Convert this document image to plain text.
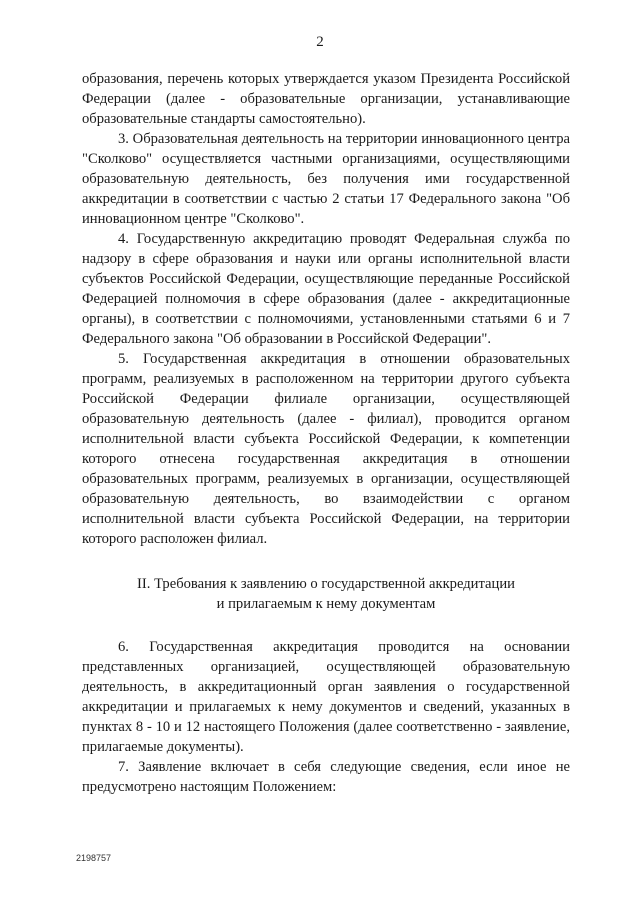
2

образования, перечень которых утверждается указом Президента Российской Федерации (далее - образовательные организации, устанавливающие образовательные стандарты самостоятельно).

3. Образовательная деятельность на территории инновационного центра "Сколково" осуществляется частными организациями, осуществляющими образовательную деятельность, без получения ими государственной аккредитации в соответствии с частью 2 статьи 17 Федерального закона "Об инновационном центре "Сколково".

4. Государственную аккредитацию проводят Федеральная служба по надзору в сфере образования и науки или органы исполнительной власти субъектов Российской Федерации, осуществляющие переданные Российской Федерацией полномочия в сфере образования (далее - аккредитационные органы), в соответствии с полномочиями, установленными статьями 6 и 7 Федерального закона "Об образовании в Российской Федерации".

5. Государственная аккредитация в отношении образовательных программ, реализуемых в расположенном на территории другого субъекта Российской Федерации филиале организации, осуществляющей образовательную деятельность (далее - филиал), проводится органом исполнительной власти субъекта Российской Федерации, к компетенции которого отнесена государственная аккредитация в отношении образовательных программ, реализуемых в организации, осуществляющей образовательную деятельность, во взаимодействии с органом исполнительной власти субъекта Российской Федерации, на территории которого расположен филиал.

II. Требования к заявлению о государственной аккредитации
и прилагаемым к нему документам

6. Государственная аккредитация проводится на основании представленных организацией, осуществляющей образовательную деятельность, в аккредитационный орган заявления о государственной аккредитации и прилагаемых к нему документов и сведений, указанных в пунктах 8 - 10 и 12 настоящего Положения (далее соответственно - заявление, прилагаемые документы).

7. Заявление включает в себя следующие сведения, если иное не предусмотрено настоящим Положением:

2198757
